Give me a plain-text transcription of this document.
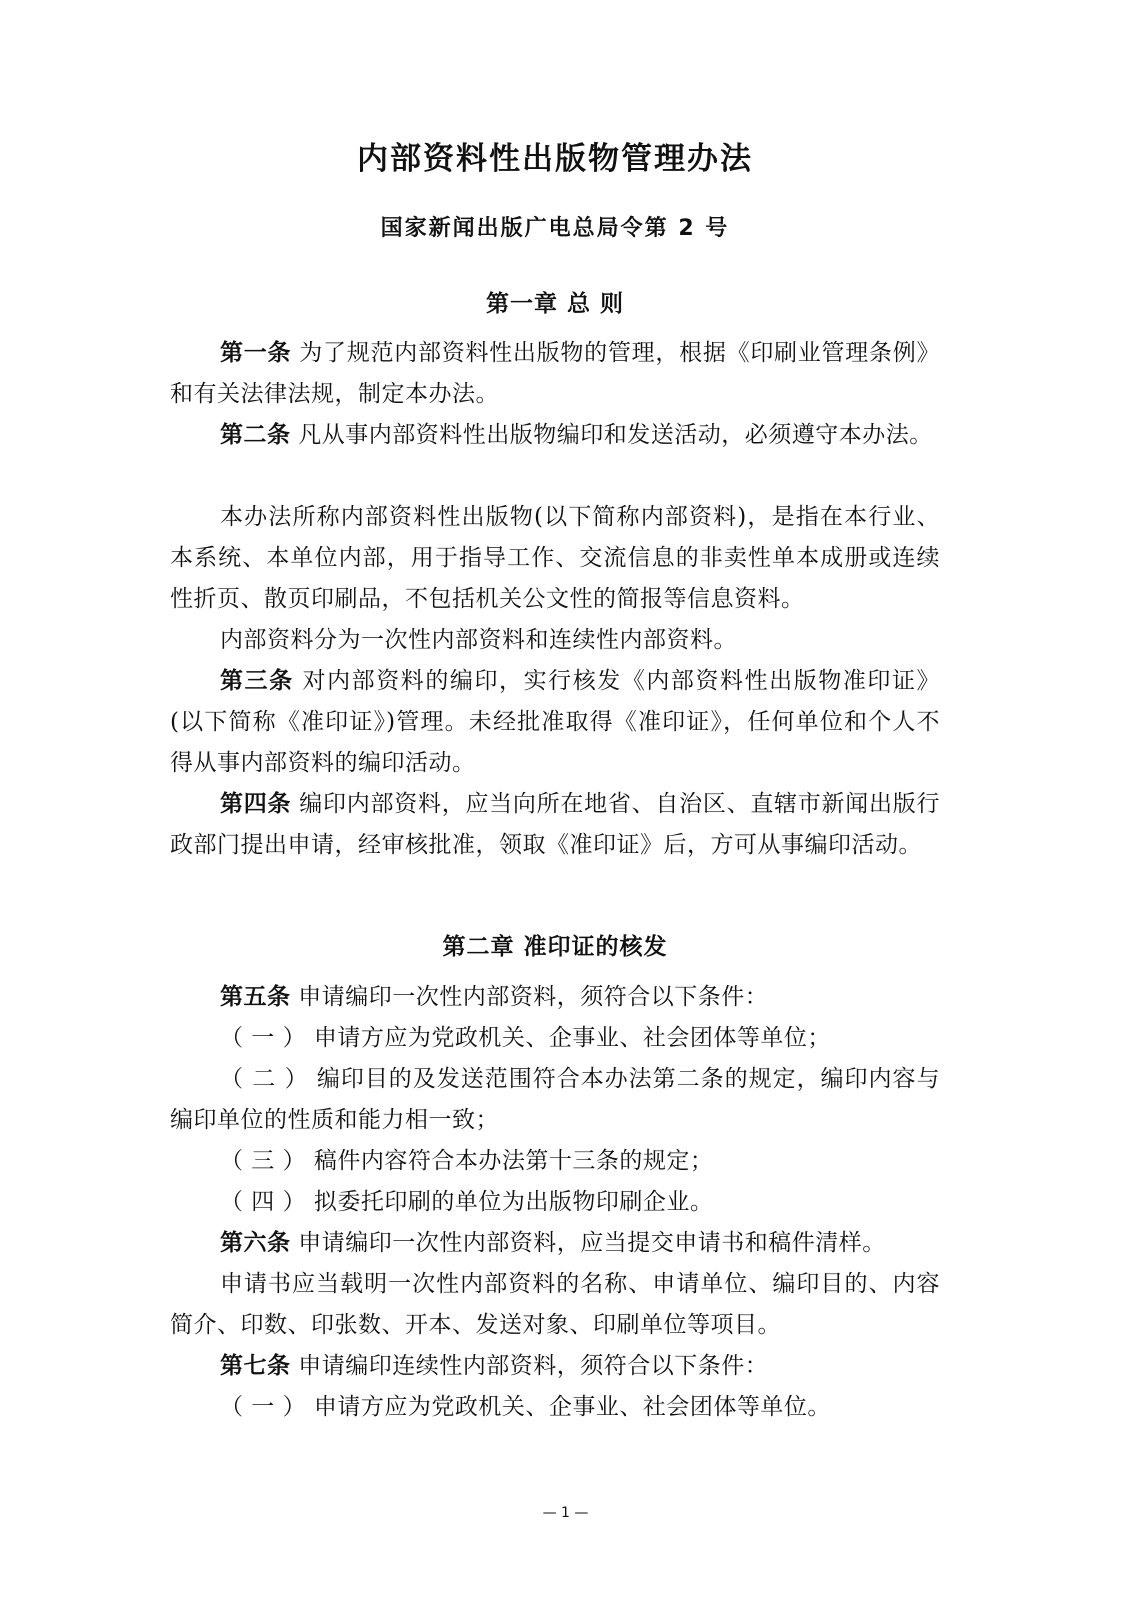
内部资料性出版物管理办法
国家新闻出版广电总局令第 2 号
第一章 总 则
第一条 为了规范内部资料性出版物的管理，根据《印刷业管理条例》和有关法律法规，制定本办法。
第二条 凡从事内部资料性出版物编印和发送活动，必须遵守本办法。
本办法所称内部资料性出版物(以下简称内部资料)，是指在本行业、本系统、本单位内部，用于指导工作、交流信息的非卖性单本成册或连续性折页、散页印刷品，不包括机关公文性的简报等信息资料。
内部资料分为一次性内部资料和连续性内部资料。
第三条 对内部资料的编印，实行核发《内部资料性出版物准印证》(以下简称《准印证》)管理。未经批准取得《准印证》，任何单位和个人不得从事内部资料的编印活动。
第四条 编印内部资料，应当向所在地省、自治区、直辖市新闻出版行政部门提出申请，经审核批准，领取《准印证》后，方可从事编印活动。
第二章 准印证的核发
第五条 申请编印一次性内部资料，须符合以下条件：
（ 一 ） 申请方应为党政机关、企事业、社会团体等单位；
（ 二 ） 编印目的及发送范围符合本办法第二条的规定，编印内容与编印单位的性质和能力相一致；
（ 三 ） 稿件内容符合本办法第十三条的规定；
（ 四 ） 拟委托印刷的单位为出版物印刷企业。
第六条 申请编印一次性内部资料，应当提交申请书和稿件清样。
申请书应当载明一次性内部资料的名称、申请单位、编印目的、内容简介、印数、印张数、开本、发送对象、印刷单位等项目。
第七条 申请编印连续性内部资料，须符合以下条件：
（ 一 ） 申请方应为党政机关、企事业、社会团体等单位。
— 1 —
